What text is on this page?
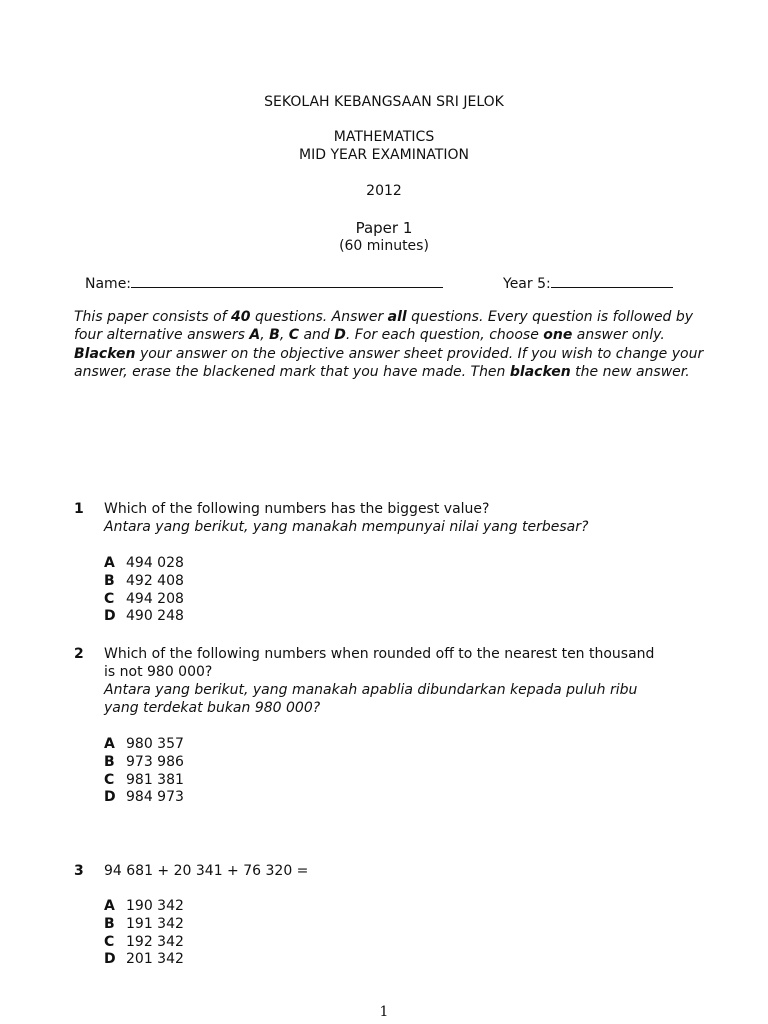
SEKOLAH KEBANGSAAN SRI JELOK
MATHEMATICS
MID YEAR EXAMINATION
2012
Paper 1
(60 minutes)
Name:	Year 5:
This paper consists of 40 questions. Answer all questions. Every question is followed by four alternative answers A, B, C and D. For each question, choose one answer only. Blacken your answer on the objective answer sheet provided. If you wish to change your answer, erase the blackened mark that you have made. Then blacken the new answer.
1 Which of the following numbers has the biggest value?
Antara yang berikut, yang manakah mempunyai nilai yang terbesar?
A 494 028
B 492 408
C 494 208
D 490 248
2 Which of the following numbers when rounded off to the nearest ten thousand is not 980 000?
Antara yang berikut, yang manakah apablia dibundarkan kepada puluh ribu yang terdekat bukan 980 000?
A 980 357
B 973 986
C 981 381
D 984 973
3 94 681 + 20 341 + 76 320 =
A 190 342
B 191 342
C 192 342
D 201 342
1
